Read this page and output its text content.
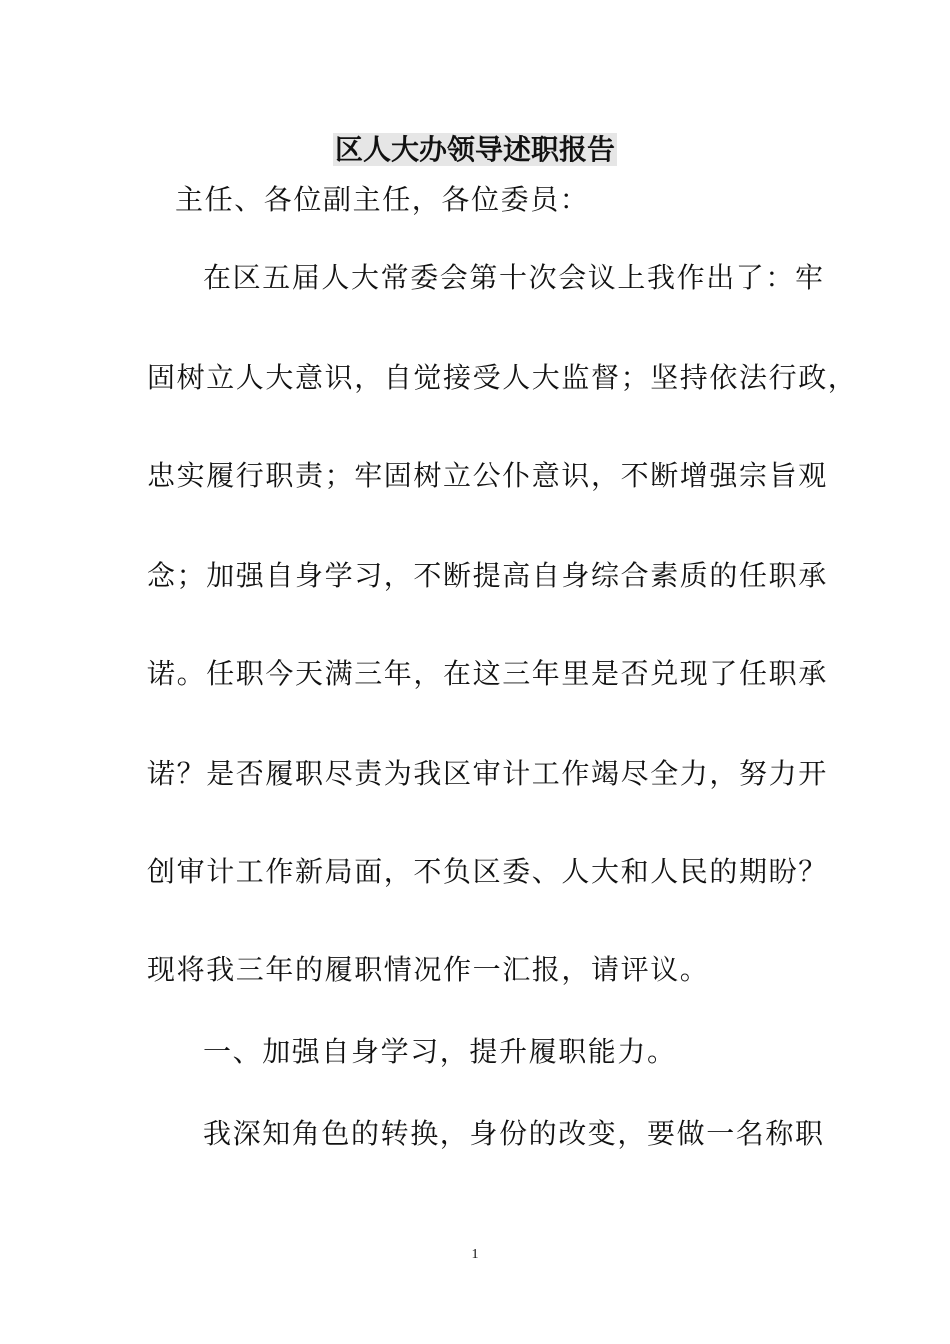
区人大办领导述职报告
主任、各位副主任，各位委员：
在区五届人大常委会第十次会议上我作出了：牢
固树立人大意识，自觉接受人大监督；坚持依法行政，
忠实履行职责；牢固树立公仆意识，不断增强宗旨观
念；加强自身学习，不断提高自身综合素质的任职承
诺。任职今天满三年，在这三年里是否兑现了任职承
诺？是否履职尽责为我区审计工作竭尽全力，努力开
创审计工作新局面，不负区委、人大和人民的期盼？
现将我三年的履职情况作一汇报，请评议。
一、加强自身学习，提升履职能力。
我深知角色的转换，身份的改变，要做一名称职
1
